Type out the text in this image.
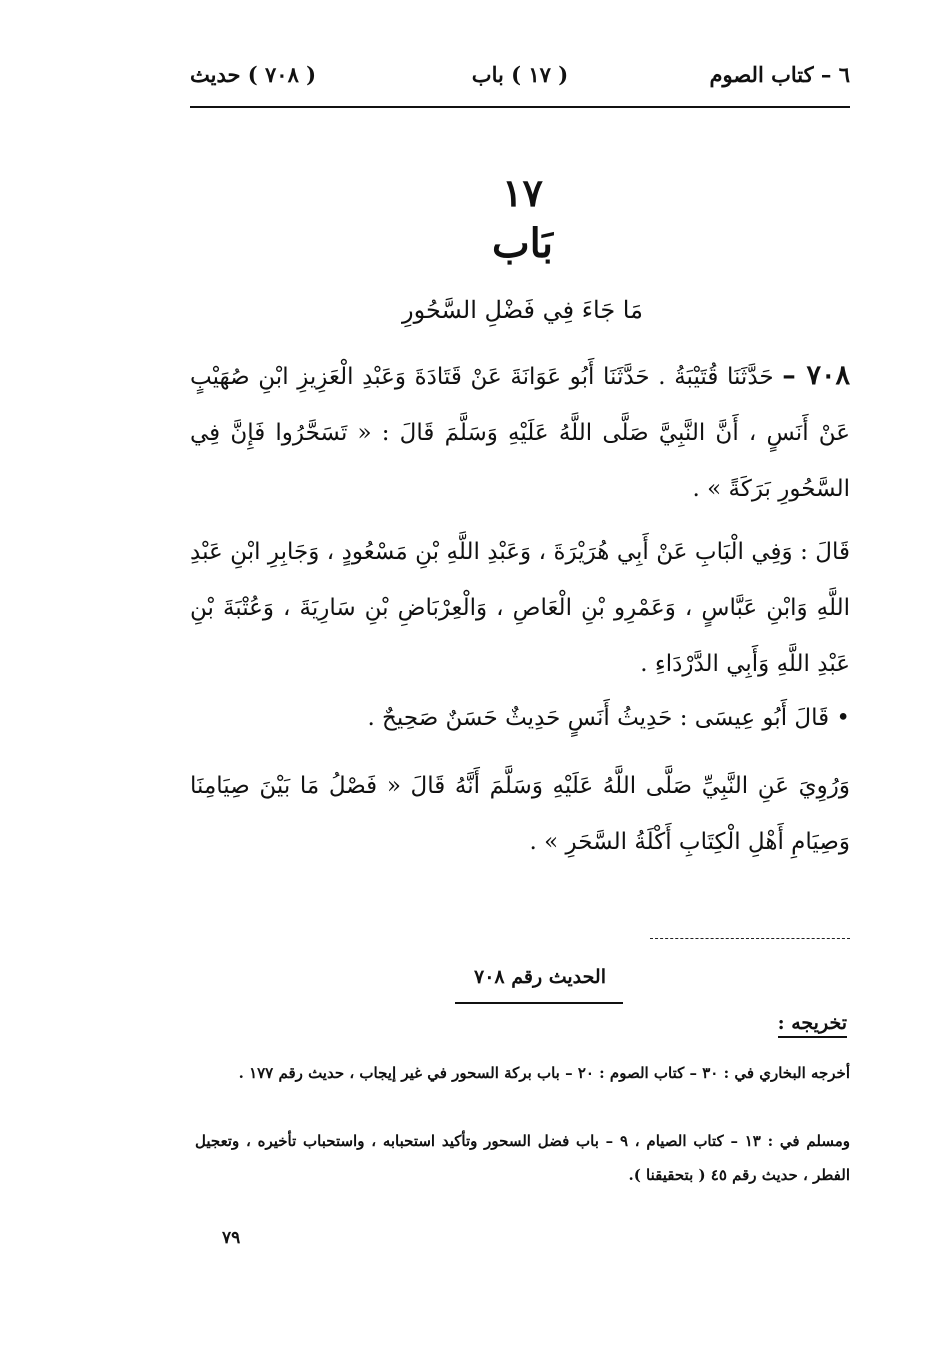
٦ – كتاب الصوم
( ١٧ ) باب
( ٧٠٨ ) حديث
١٧
بَاب
مَا جَاءَ فِي فَضْلِ السَّحُورِ

٧٠٨ – حَدَّثَنَا قُتَيْبَةُ . حَدَّثَنَا أَبُو عَوَانَةَ عَنْ قَتَادَةَ وَعَبْدِ الْعَزِيزِ ابْنِ صُهَيْبٍ عَنْ أَنَسٍ ، أَنَّ النَّبِيَّ صَلَّى اللَّهُ عَلَيْهِ وَسَلَّمَ قَالَ : « تَسَحَّرُوا فَإِنَّ فِي السَّحُورِ بَرَكَةً » .

قَالَ : وَفِي الْبَابِ عَنْ أَبِي هُرَيْرَةَ ، وَعَبْدِ اللَّهِ بْنِ مَسْعُودٍ ، وَجَابِرِ ابْنِ عَبْدِ اللَّهِ وَابْنِ عَبَّاسٍ ، وَعَمْرِو بْنِ الْعَاصِ ، وَالْعِرْبَاضِ بْنِ سَارِيَةَ ، وَعُتْبَةَ بْنِ عَبْدِ اللَّهِ وَأَبِي الدَّرْدَاءِ .

• قَالَ أَبُو عِيسَى : حَدِيثُ أَنَسٍ حَدِيثٌ حَسَنٌ صَحِيحٌ .

وَرُوِيَ عَنِ النَّبِيِّ صَلَّى اللَّهُ عَلَيْهِ وَسَلَّمَ أَنَّهُ قَالَ « فَصْلُ مَا بَيْنَ صِيَامِنَا وَصِيَامِ أَهْلِ الْكِتَابِ أَكْلَةُ السَّحَرِ » .

الحديث رقم ٧٠٨
تخريجه :

أخرجه البخاري في : ٣٠ – كتاب الصوم : ٢٠ – باب بركة السحور في غير إيجاب ، حديث رقم ١٧٧ .

ومسلم في : ١٣ – كتاب الصيام ، ٩ – باب فضل السحور وتأكيد استحبابه ، واستحباب تأخيره ، وتعجيل الفطر ، حديث رقم ٤٥ ( بتحقيقنا ).

٧٩
